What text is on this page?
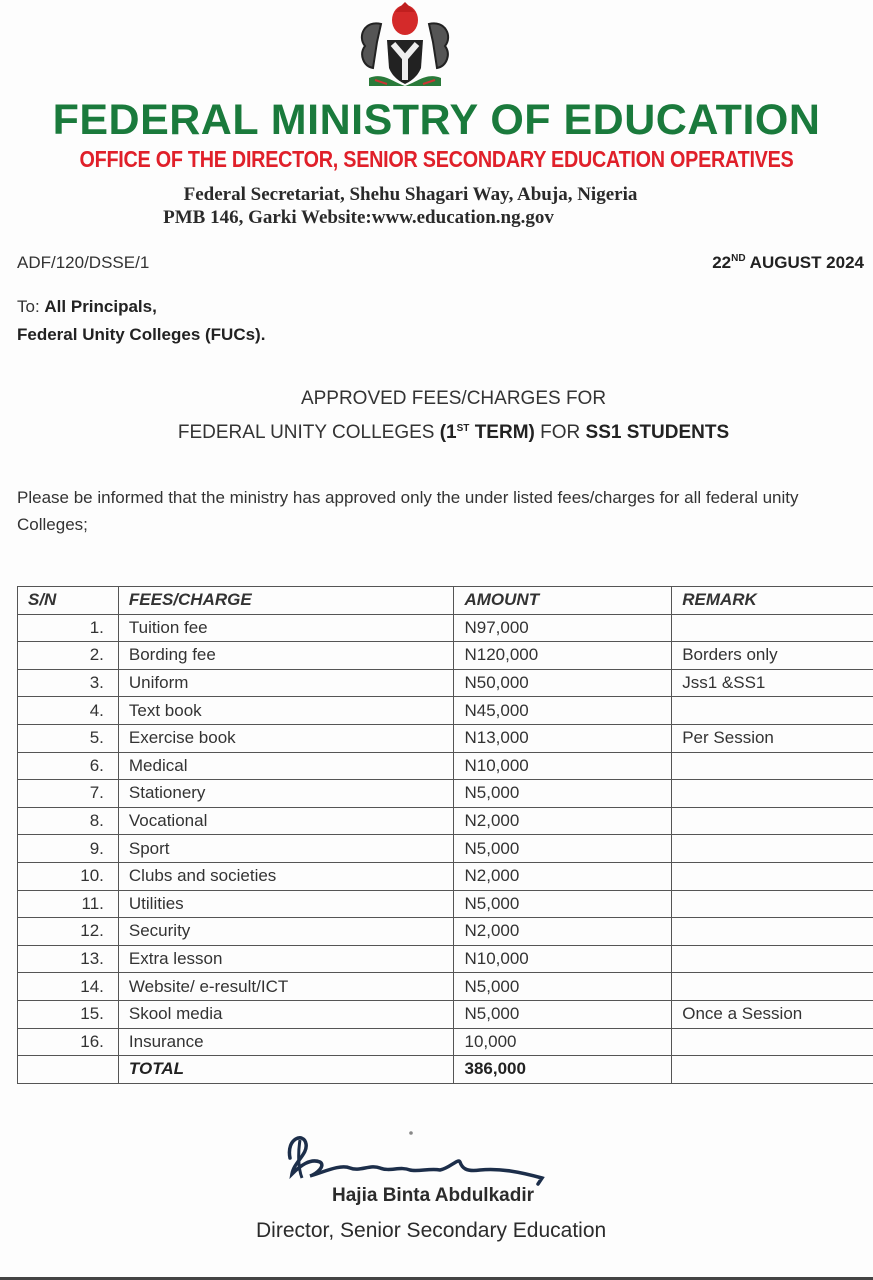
FEDERAL MINISTRY OF EDUCATION
OFFICE OF THE DIRECTOR, SENIOR SECONDARY EDUCATION OPERATIVES
Federal Secretariat, Shehu Shagari Way, Abuja, Nigeria
PMB 146, Garki Website:www.education.ng.gov
ADF/120/DSSE/1	22ND AUGUST 2024
To: All Principals,
Federal Unity Colleges (FUCs).
APPROVED FEES/CHARGES FOR
FEDERAL UNITY COLLEGES (1ST TERM) FOR SS1 STUDENTS
Please be informed that the ministry has approved only the under listed fees/charges for all federal unity Colleges;
S/N	FEES/CHARGE	AMOUNT	REMARK
1.	Tuition fee	N97,000	
2.	Bording fee	N120,000	Borders only
3.	Uniform	N50,000	Jss1 &SS1
4.	Text book	N45,000	
5.	Exercise book	N13,000	Per Session
6.	Medical	N10,000	
7.	Stationery	N5,000	
8.	Vocational	N2,000	
9.	Sport	N5,000	
10.	Clubs and societies	N2,000	
11.	Utilities	N5,000	
12.	Security	N2,000	
13.	Extra lesson	N10,000	
14.	Website/ e-result/ICT	N5,000	
15.	Skool media	N5,000	Once a Session
16.	Insurance	10,000	
	TOTAL	386,000	
Hajia Binta Abdulkadir
Director, Senior Secondary Education
